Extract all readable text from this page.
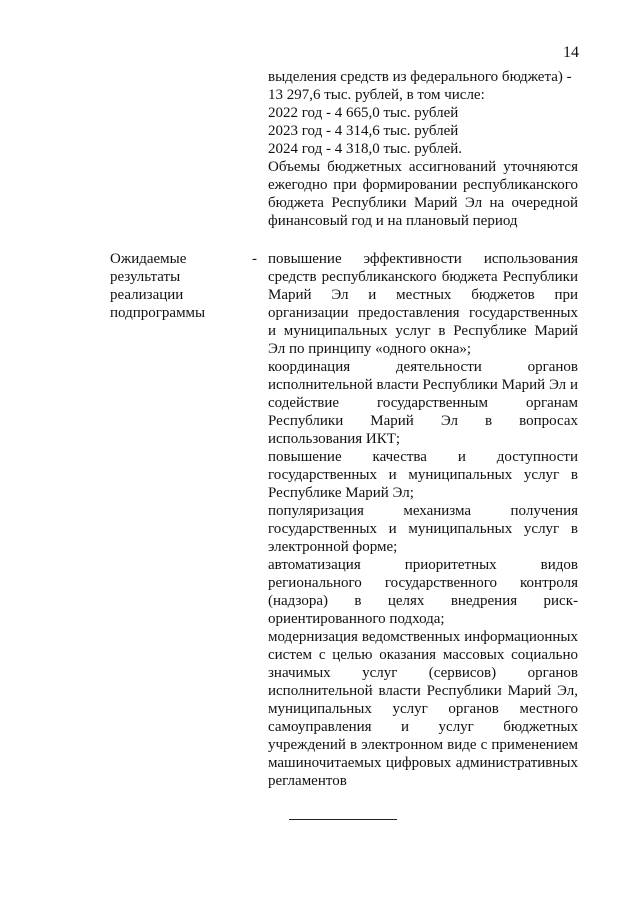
14

выделения средств из федерального бюджета) -

13 297,6 тыс. рублей, в том числе:

2022 год - 4 665,0 тыс. рублей

2023 год - 4 314,6 тыс. рублей

2024 год - 4 318,0 тыс. рублей.

Объемы бюджетных ассигнований уточняются ежегодно при формировании республиканского бюджета Республики Марий Эл на очередной финансовый год и на плановый период

Ожидаемые результаты реализации подпрограммы
- повышение эффективности использования средств республиканского бюджета Республики Марий Эл и местных бюджетов при организации предоставления государственных и муниципальных услуг в Республике Марий Эл по принципу «одного окна»;

координация деятельности органов исполнительной власти Республики Марий Эл и содействие государственным органам Республики Марий Эл в вопросах использования ИКТ;

повышение качества и доступности государственных и муниципальных услуг в Республике Марий Эл;

популяризация механизма получения государственных и муниципальных услуг в электронной форме;

автоматизация приоритетных видов регионального государственного контроля (надзора) в целях внедрения риск-ориентированного подхода;

модернизация ведомственных информационных систем с целью оказания массовых социально значимых услуг (сервисов) органов исполнительной власти Республики Марий Эл, муниципальных услуг органов местного самоуправления и услуг бюджетных учреждений в электронном виде с применением машиночитаемых цифровых административных регламентов
